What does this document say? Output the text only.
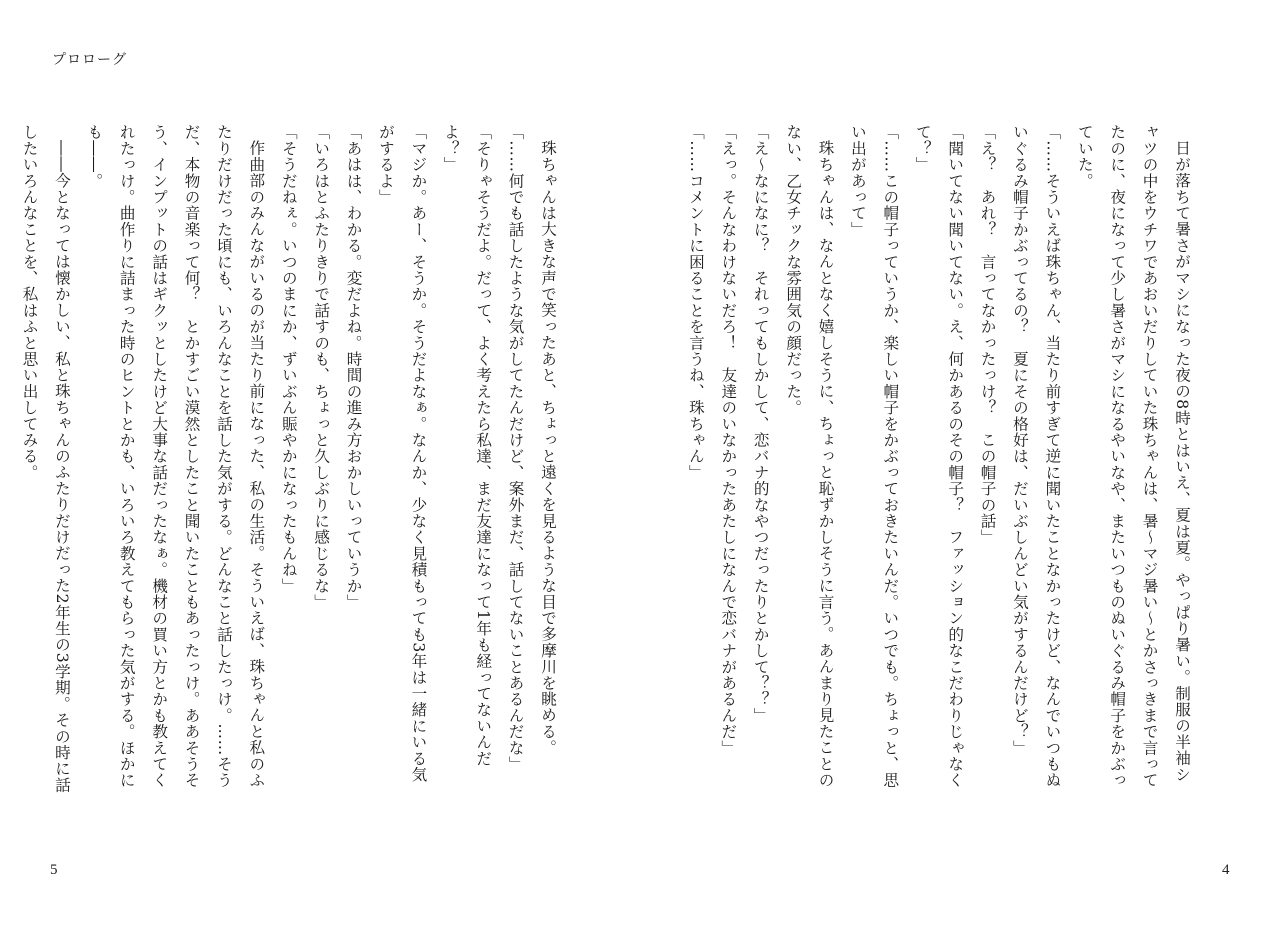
プロローグ

日が落ちて暑さがマシになった夜の8時とはいえ、夏は夏。やっぱり暑い。制服の半袖シャツの中をウチワであおいだりしていた珠ちゃんは、暑〜マジ暑い〜とかさっきまで言ってたのに、夜になって少し暑さがマシになるやいなや、またいつものぬいぐるみ帽子をかぶっていた。

「……そういえば珠ちゃん、当たり前すぎて逆に聞いたことなかったけど、なんでいつもぬいぐるみ帽子かぶってるの？　夏にその格好は、だいぶしんどい気がするんだけど？」

「え？　あれ？　言ってなかったっけ？　この帽子の話」

「聞いてない聞いてない。え、何かあるのその帽子？　ファッション的なこだわりじゃなくて？」

「……この帽子っていうか、楽しい帽子をかぶっておきたいんだ。いつでも。ちょっと、思い出があって」

珠ちゃんは、なんとなく嬉しそうに、ちょっと恥ずかしそうに言う。あんまり見たことのない、乙女チックな雰囲気の顔だった。

「え〜なになに？　それってもしかして、恋バナ的なやつだったりとかして？？」

「えっ。そんなわけないだろ！　友達のいなかったあたしになんで恋バナがあるんだ」

「……コメントに困ることを言うね、珠ちゃん」

珠ちゃんは大きな声で笑ったあと、ちょっと遠くを見るような目で多摩川を眺める。

「……何でも話したような気がしてたんだけど、案外まだ、話してないことあるんだな」

「そりゃそうだよ。だって、よく考えたら私達、まだ友達になって1年も経ってないんだよ？」

「マジか。あー、そうか。そうだよなぁ。なんか、少なく見積もっても3年は一緒にいる気がするよ」

「あはは、わかる。変だよね。時間の進み方おかしいっていうか」

「いろはとふたりきりで話すのも、ちょっと久しぶりに感じるな」

「そうだねぇ。いつのまにか、ずいぶん賑やかになったもんね」

作曲部のみんながいるのが当たり前になった、私の生活。そういえば、珠ちゃんと私のふたりだけだった頃にも、いろんなことを話した気がする。どんなこと話したっけ。……そうだ、本物の音楽って何？　とかすごい漠然としたこと聞いたこともあったっけ。ああそうそう、インプットの話はギクッとしたけど大事な話だったなぁ。機材の買い方とかも教えてくれたっけ。曲作りに詰まった時のヒントとかも、いろいろ教えてもらった気がする。ほかにも――。

――今となっては懐かしい、私と珠ちゃんのふたりだけだった2年生の3学期。その時に話したいろんなことを、私はふと思い出してみる。

5	4
